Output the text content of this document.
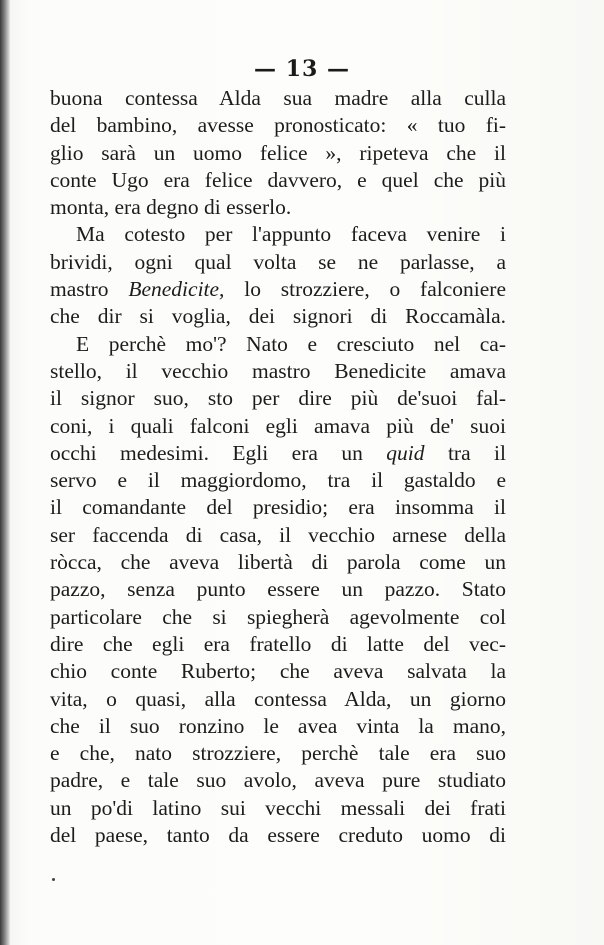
— 13 —
buona contessa Alda sua madre alla culla
del bambino, avesse pronosticato: « tuo fi-
glio sarà un uomo felice », ripeteva che il
conte Ugo era felice davvero, e quel che più
monta, era degno di esserlo.
Ma cotesto per l'appunto faceva venire i
brividi, ogni qual volta se ne parlasse, a
mastro Benedicite, lo strozziere, o falconiere
che dir si voglia, dei signori di Roccamàla.
E perchè mo'? Nato e cresciuto nel ca-
stello, il vecchio mastro Benedicite amava
il signor suo, sto per dire più de'suoi fal-
coni, i quali falconi egli amava più de' suoi
occhi medesimi. Egli era un quid tra il
servo e il maggiordomo, tra il gastaldo e
il comandante del presidio; era insomma il
ser faccenda di casa, il vecchio arnese della
ròcca, che aveva libertà di parola come un
pazzo, senza punto essere un pazzo. Stato
particolare che si spiegherà agevolmente col
dire che egli era fratello di latte del vec-
chio conte Ruberto; che aveva salvata la
vita, o quasi, alla contessa Alda, un giorno
che il suo ronzino le avea vinta la mano,
e che, nato strozziere, perchè tale era suo
padre, e tale suo avolo, aveva pure studiato
un po'di latino sui vecchi messali dei frati
del paese, tanto da essere creduto uomo di
